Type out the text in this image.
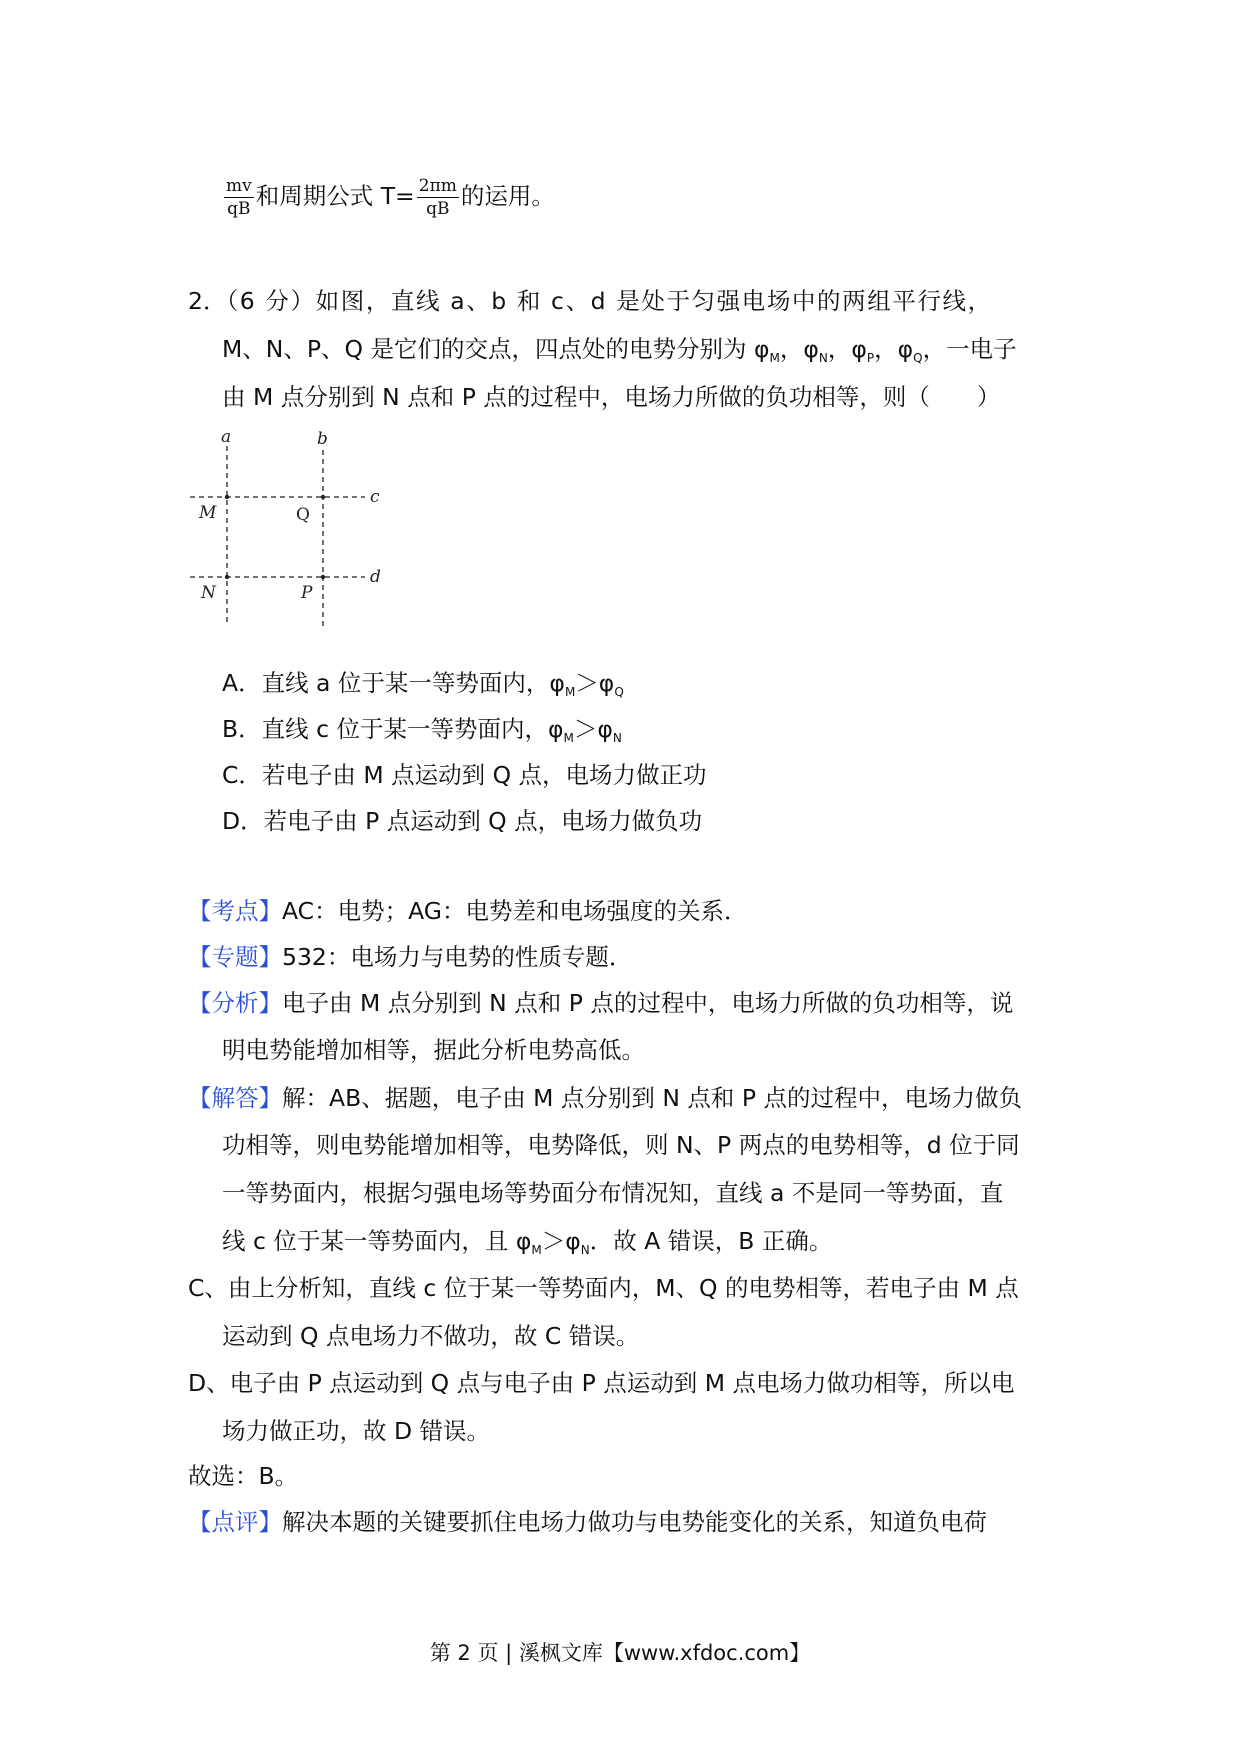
$\frac{mv}{qB}$ 和周期公式 $T= \frac{2\pi m}{qB}$ 的运用。
2．（6 分）如图，直线 a、b 和 c、d 是处于匀强电场中的两组平行线，
M、N、P、Q 是它们的交点，四点处的电势分别为 $\varphi_M$，$\varphi_N$，$\varphi_P$，$\varphi_Q$，一电子
由 M 点分别到 N 点和 P 点的过程中，电场力所做的负功相等，则（　　）
a	b
c
d
M	Q
N	P
A．直线 a 位于某一等势面内，$\varphi_M>\varphi_Q$
B．直线 c 位于某一等势面内，$\varphi_M>\varphi_N$
C．若电子由 M 点运动到 Q 点，电场力做正功
D．若电子由 P 点运动到 Q 点，电场力做负功
【考点】AC：电势；AG：电势差和电场强度的关系．
【专题】532：电场力与电势的性质专题．
【分析】电子由 M 点分别到 N 点和 P 点的过程中，电场力所做的负功相等，说
明电势能增加相等，据此分析电势高低。
【解答】解：AB、据题，电子由 M 点分别到 N 点和 P 点的过程中，电场力做负
功相等，则电势能增加相等，电势降低，则 N、P 两点的电势相等，d 位于同
一等势面内，根据匀强电场等势面分布情况知，直线 a 不是同一等势面，直
线 c 位于某一等势面内，且 $\varphi_M>\varphi_N$．故 A 错误，B 正确。
C、由上分析知，直线 c 位于某一等势面内，M、Q 的电势相等，若电子由 M 点
运动到 Q 点电场力不做功，故 C 错误。
D、电子由 P 点运动到 Q 点与电子由 P 点运动到 M 点电场力做功相等，所以电
场力做正功，故 D 错误。
故选：B。
【点评】解决本题的关键要抓住电场力做功与电势能变化的关系，知道负电荷
第 2 页 | 溪枫文库【www.xfdoc.com】
